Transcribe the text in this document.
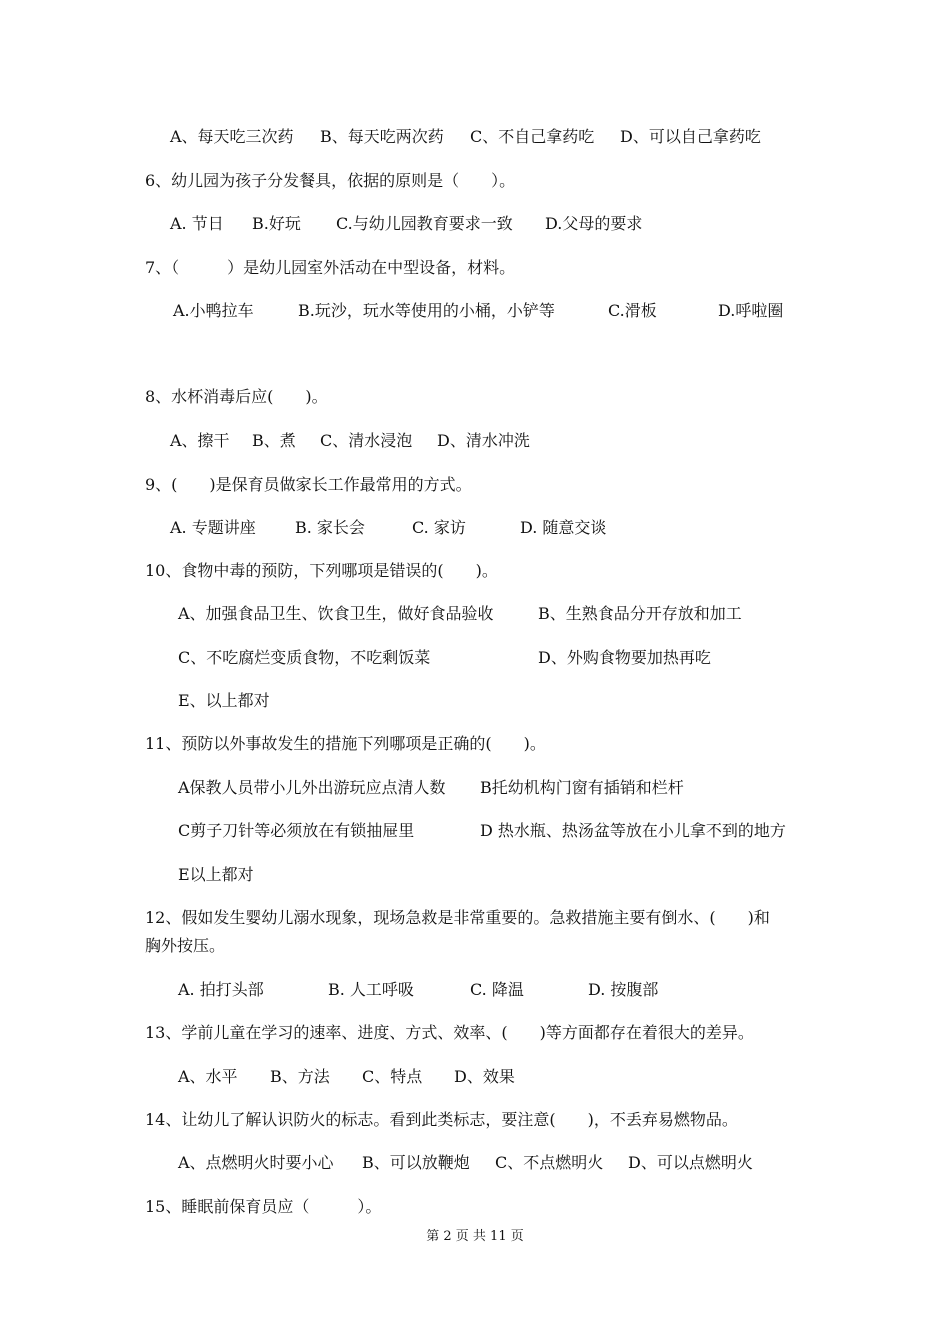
A、每天吃三次药 B、每天吃两次药 C、不自己拿药吃 D、可以自己拿药吃
6、幼儿园为孩子分发餐具，依据的原则是（　　）。
A. 节日 B.好玩 C.与幼儿园教育要求一致 D.父母的要求
7、（　　　）是幼儿园室外活动在中型设备，材料。
A.小鸭拉车	B.玩沙，玩水等使用的小桶，小铲等	C.滑板	D.呼啦圈
8、水杯消毒后应(　　)。
A、擦干 B、煮 C、清水浸泡 D、清水冲洗
9、(　　)是保育员做家长工作最常用的方式。
A. 专题讲座 B. 家长会	C. 家访	D. 随意交谈
10、食物中毒的预防，下列哪项是错误的(　　)。
A、加强食品卫生、饮食卫生，做好食品验收	B、生熟食品分开存放和加工
C、不吃腐烂变质食物，不吃剩饭菜	D、外购食物要加热再吃
E、以上都对
11、预防以外事故发生的措施下列哪项是正确的(　　)。
A保教人员带小儿外出游玩应点清人数 B托幼机构门窗有插销和栏杆
C剪子刀针等必须放在有锁抽屉里	D 热水瓶、热汤盆等放在小儿拿不到的地方
E以上都对
12、假如发生婴幼儿溺水现象，现场急救是非常重要的。急救措施主要有倒水、(　　)和
胸外按压。
A. 拍打头部	B. 人工呼吸	C. 降温	D. 按腹部
13、学前儿童在学习的速率、进度、方式、效率、(　　)等方面都存在着很大的差异。
A、水平 B、方法 C、特点 D、效果
14、让幼儿了解认识防火的标志。看到此类标志，要注意(　　)，不丢弃易燃物品。
A、点燃明火时要小心 B、可以放鞭炮 C、不点燃明火 D、可以点燃明火
15、睡眠前保育员应（　　　）。
第 2 页 共 11 页
